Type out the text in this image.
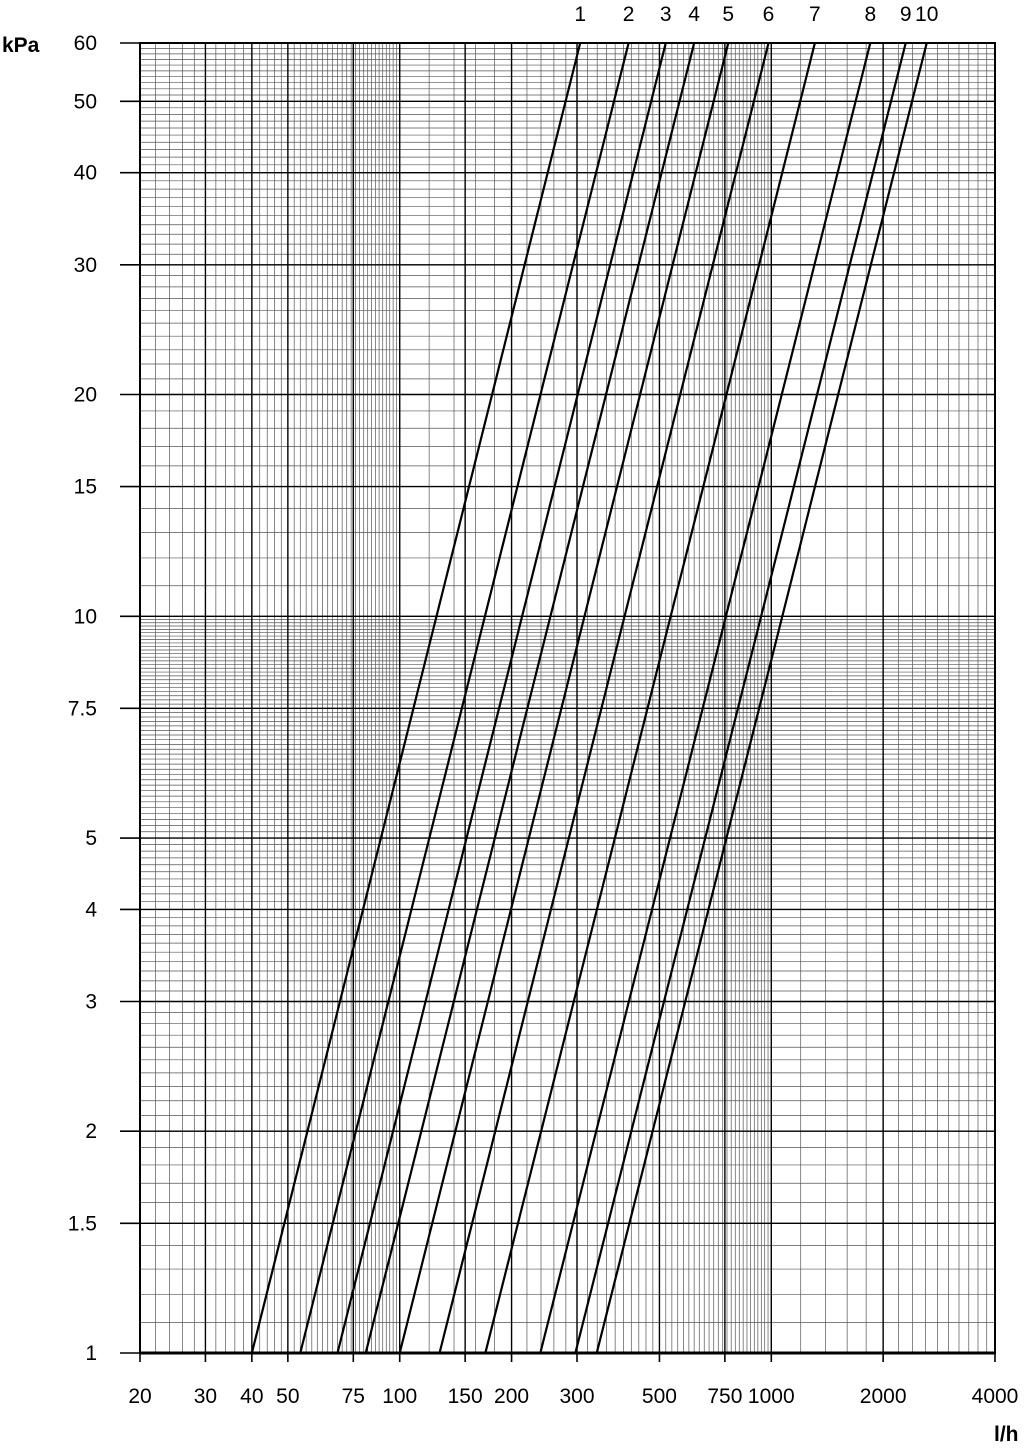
20 30 40 50 75 100 150 200 300 500 750 1000	2000	4000
1
1.5
2
3
4
5
7.5
10
15
20
30
40
50
60
1 2 3 4 5 6 7 8 9 10
kPa
l/h
